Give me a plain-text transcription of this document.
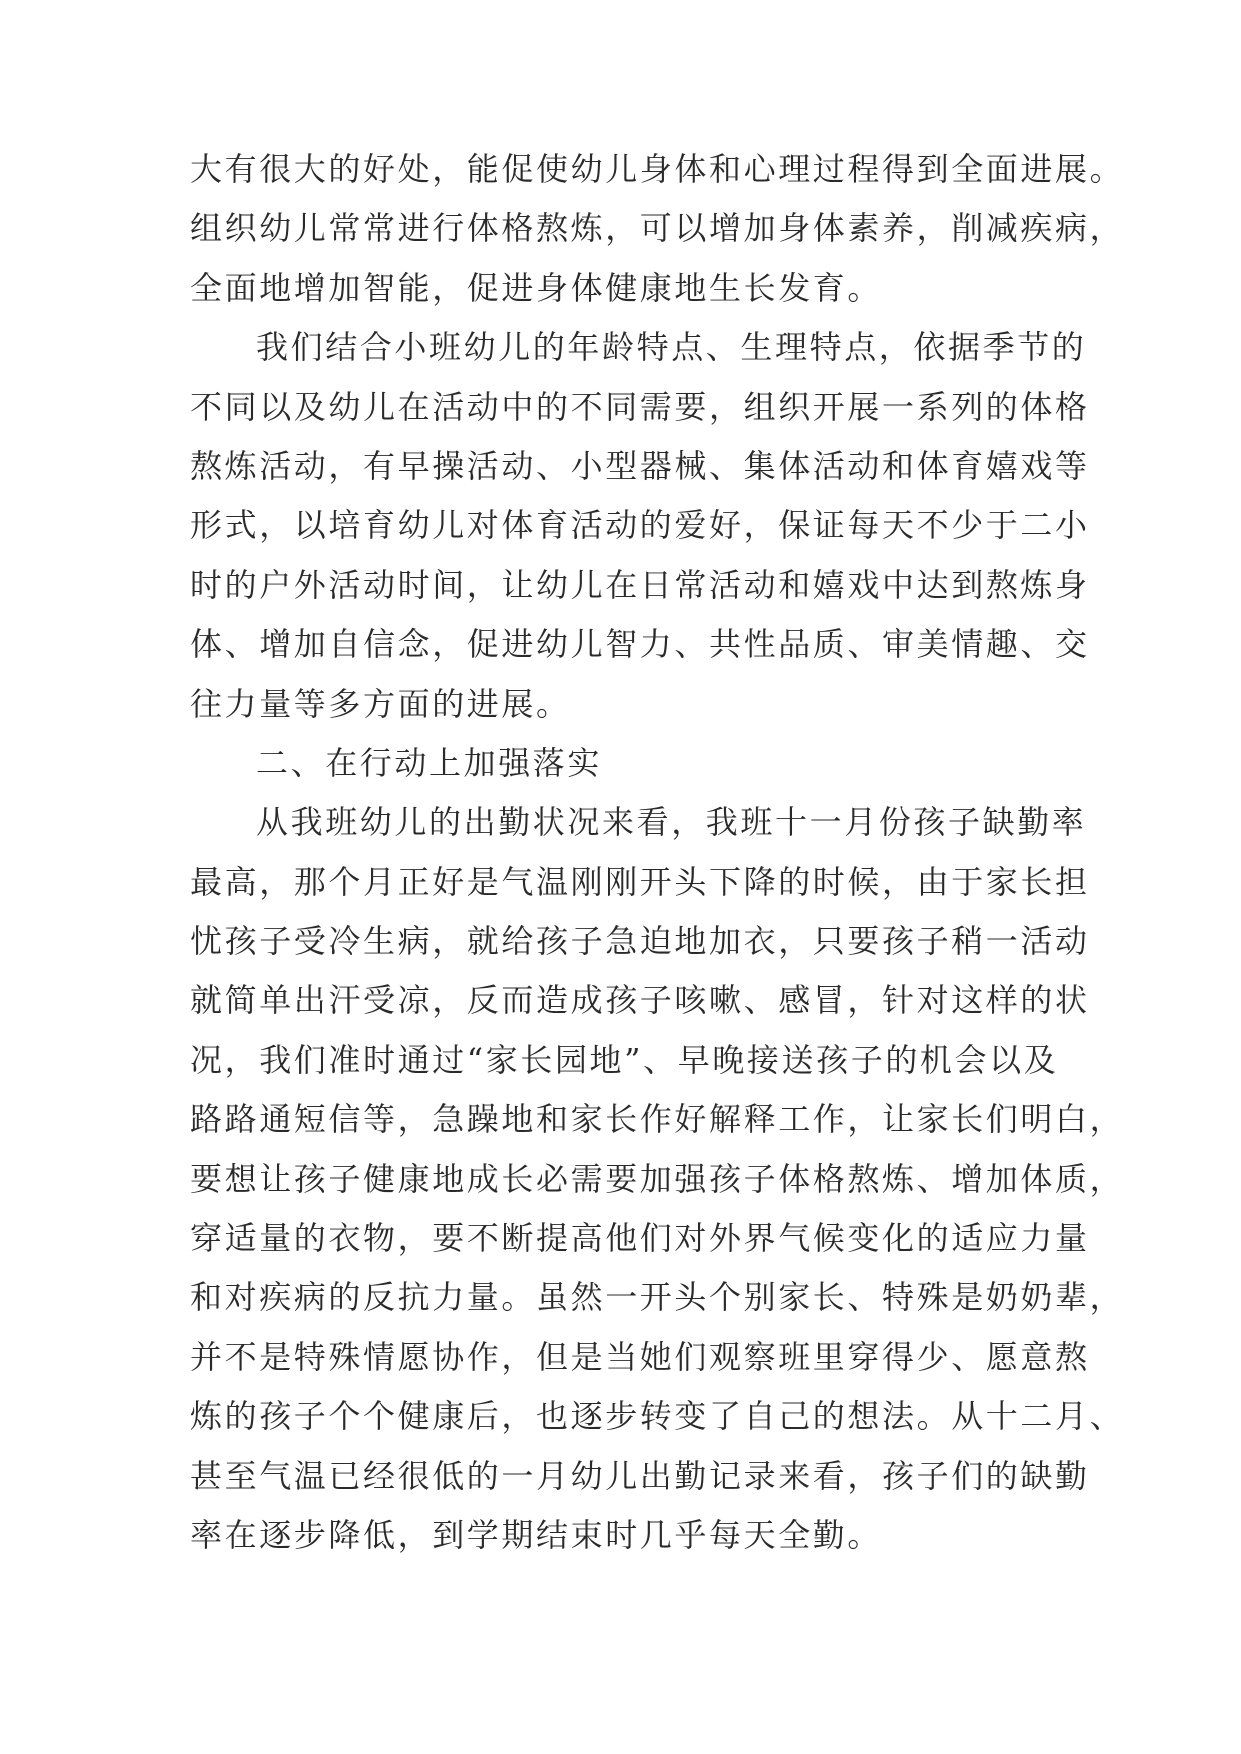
大有很大的好处，能促使幼儿身体和心理过程得到全面进展。
组织幼儿常常进行体格熬炼，可以增加身体素养，削减疾病，
全面地增加智能，促进身体健康地生长发育。
我们结合小班幼儿的年龄特点、生理特点，依据季节的
不同以及幼儿在活动中的不同需要，组织开展一系列的体格
熬炼活动，有早操活动、小型器械、集体活动和体育嬉戏等
形式，以培育幼儿对体育活动的爱好，保证每天不少于二小
时的户外活动时间，让幼儿在日常活动和嬉戏中达到熬炼身
体、增加自信念，促进幼儿智力、共性品质、审美情趣、交
往力量等多方面的进展。
二、在行动上加强落实
从我班幼儿的出勤状况来看，我班十一月份孩子缺勤率
最高，那个月正好是气温刚刚开头下降的时候，由于家长担
忧孩子受冷生病，就给孩子急迫地加衣，只要孩子稍一活动
就简单出汗受凉，反而造成孩子咳嗽、感冒，针对这样的状
况，我们准时通过“家长园地”、早晚接送孩子的机会以及
路路通短信等，急躁地和家长作好解释工作，让家长们明白，
要想让孩子健康地成长必需要加强孩子体格熬炼、增加体质，
穿适量的衣物，要不断提高他们对外界气候变化的适应力量
和对疾病的反抗力量。虽然一开头个别家长、特殊是奶奶辈，
并不是特殊情愿协作，但是当她们观察班里穿得少、愿意熬
炼的孩子个个健康后，也逐步转变了自己的想法。从十二月、
甚至气温已经很低的一月幼儿出勤记录来看，孩子们的缺勤
率在逐步降低，到学期结束时几乎每天全勤。
